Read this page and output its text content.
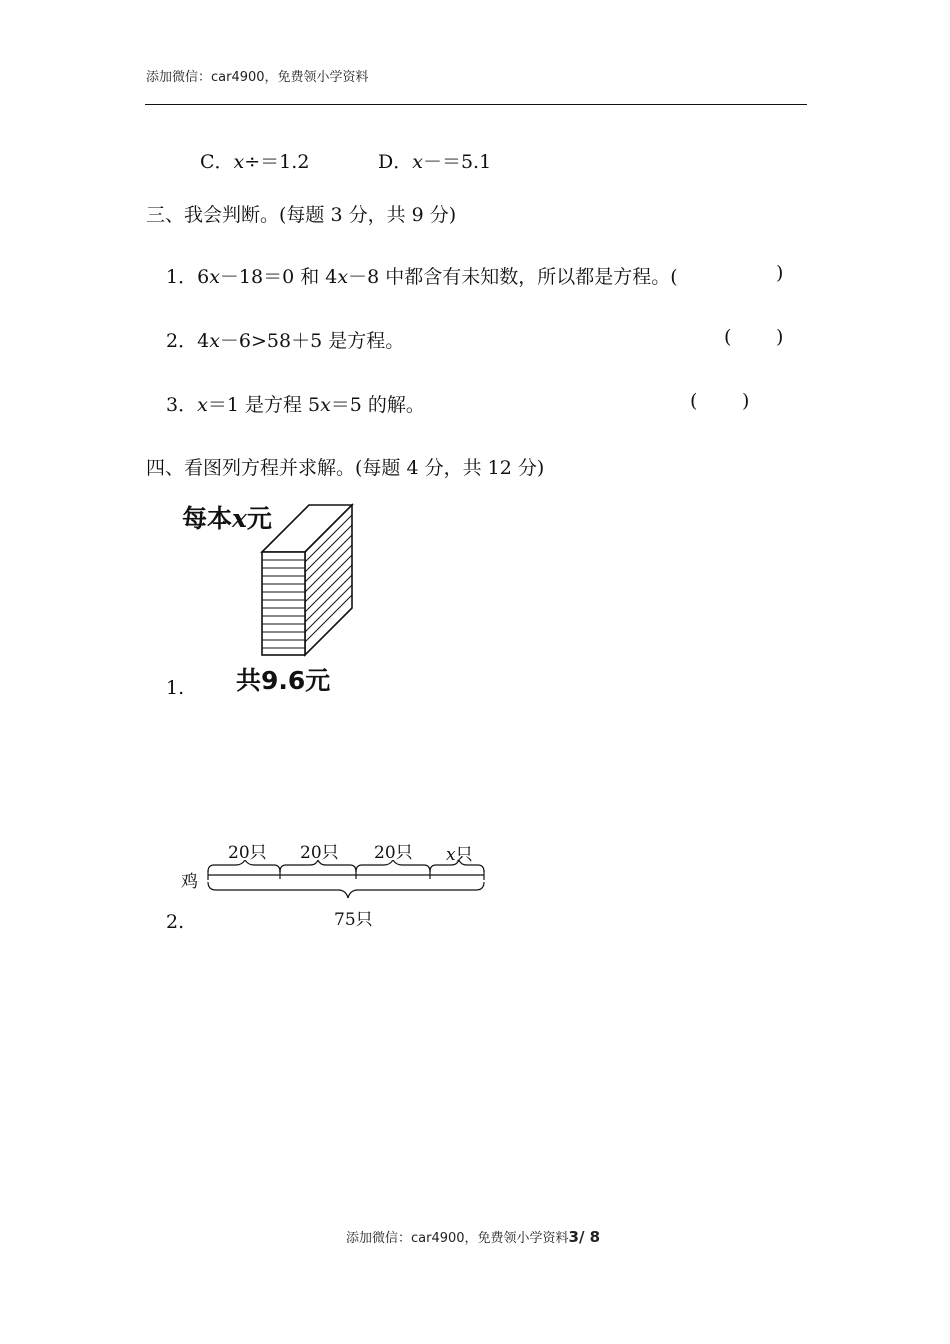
添加微信：car4900，免费领小学资料
C．x÷＝1.2	D．x－＝5.1
三、我会判断。(每题 3 分，共 9 分)
1．6x－18＝0 和 4x－8 中都含有未知数，所以都是方程。(	)
2．4x－6>58＋5 是方程。	( )
3．x＝1 是方程 5x＝5 的解。	( )
四、看图列方程并求解。(每题 4 分，共 12 分)
1.
每本x元
共9.6元
2.
鸡
20只 20只 20只 x只
75只
添加微信：car4900，免费领小学资料3/ 8
